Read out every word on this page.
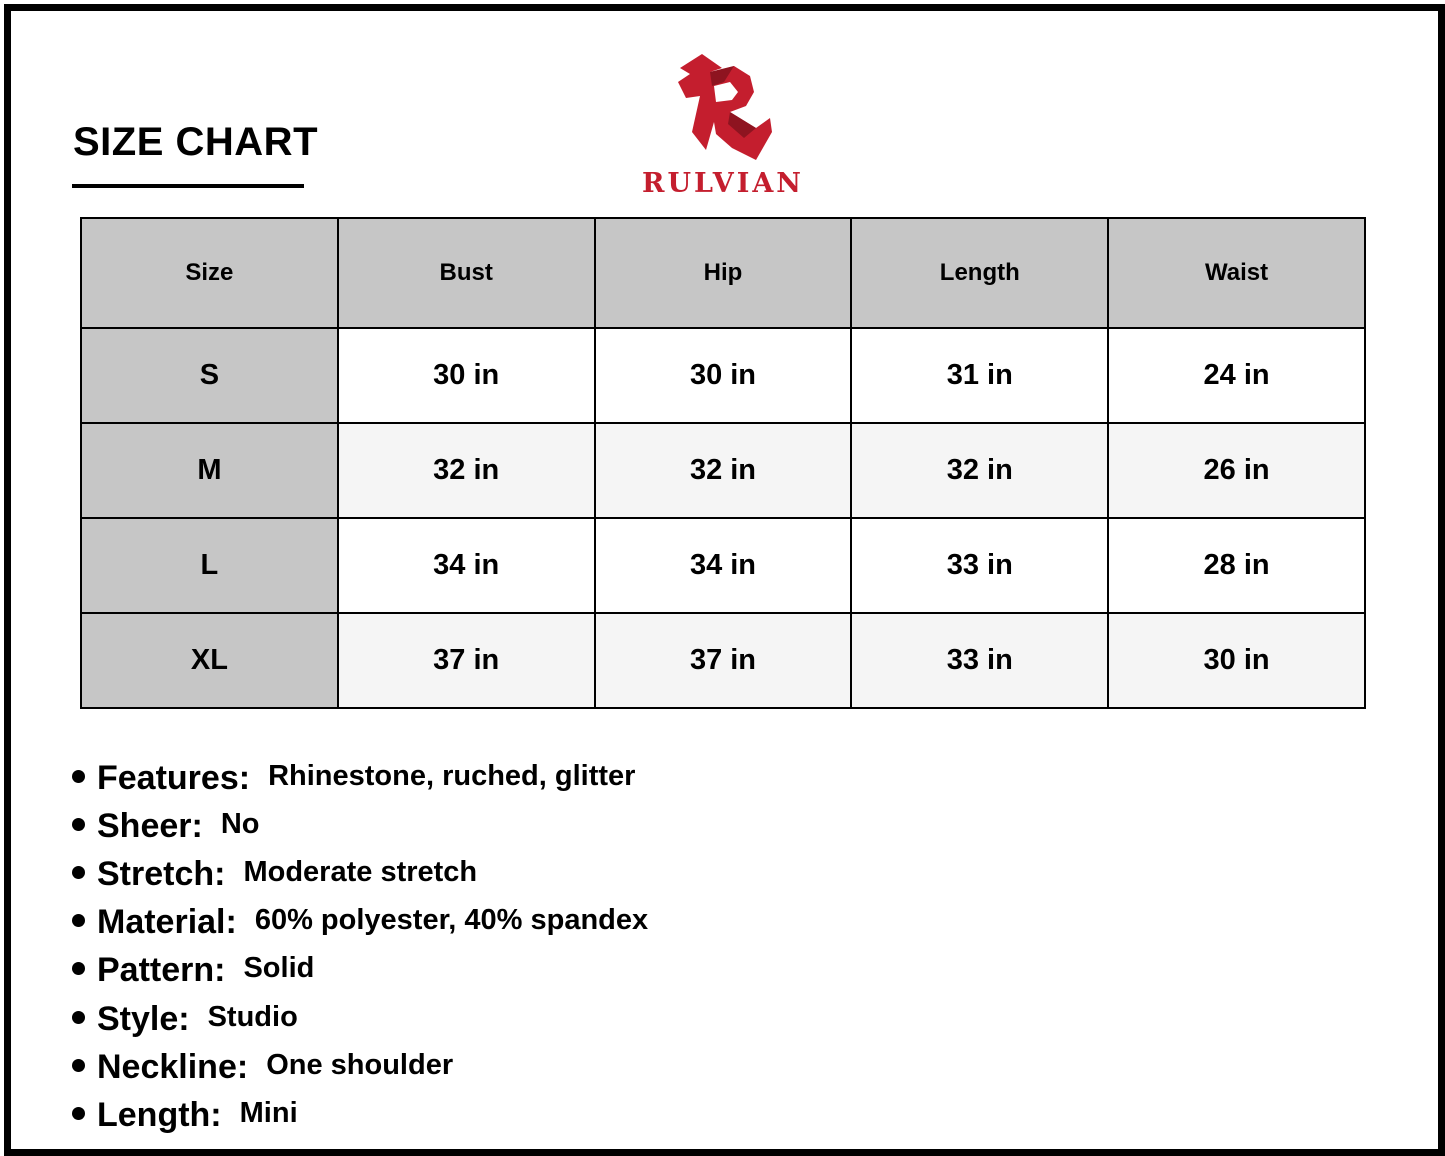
SIZE CHART
RULVIAN
Size	Bust	Hip	Length	Waist
S	30 in	30 in	31 in	24 in
M	32 in	32 in	32 in	26 in
L	34 in	34 in	33 in	28 in
XL	37 in	37 in	33 in	30 in
Features: Rhinestone, ruched, glitter
Sheer: No
Stretch: Moderate stretch
Material: 60% polyester, 40% spandex
Pattern: Solid
Style: Studio
Neckline: One shoulder
Length: Mini
